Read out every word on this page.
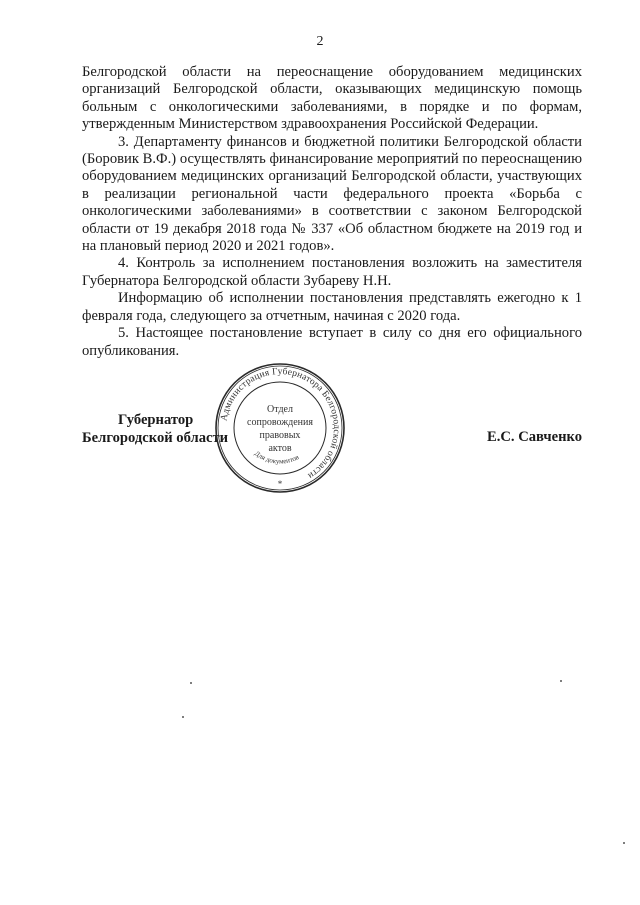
2

Белгородской области на переоснащение оборудованием медицинских организаций Белгородской области, оказывающих медицинскую помощь больным с онкологическими заболеваниями, в порядке и по формам, утвержденным Министерством здравоохранения Российской Федерации.

3. Департаменту финансов и бюджетной политики Белгородской области (Боровик В.Ф.) осуществлять финансирование мероприятий по переоснащению оборудованием медицинских организаций Белгородской области, участвующих в реализации региональной части федерального проекта «Борьба с онкологическими заболеваниями» в соответствии с законом Белгородской области от 19 декабря 2018 года № 337 «Об областном бюджете на 2019 год и на плановый период 2020 и 2021 годов».

4. Контроль за исполнением постановления возложить на заместителя Губернатора Белгородской области Зубареву Н.Н.

Информацию об исполнении постановления представлять ежегодно к 1 февраля года, следующего за отчетным, начиная с 2020 года.

5. Настоящее постановление вступает в силу со дня его официального опубликования.

Губернатор
Белгородской области	Е.С. Савченко
Администрация Губернатора Белгородской области
Отдел
сопровождения
правовых
актов
Для документов
*
